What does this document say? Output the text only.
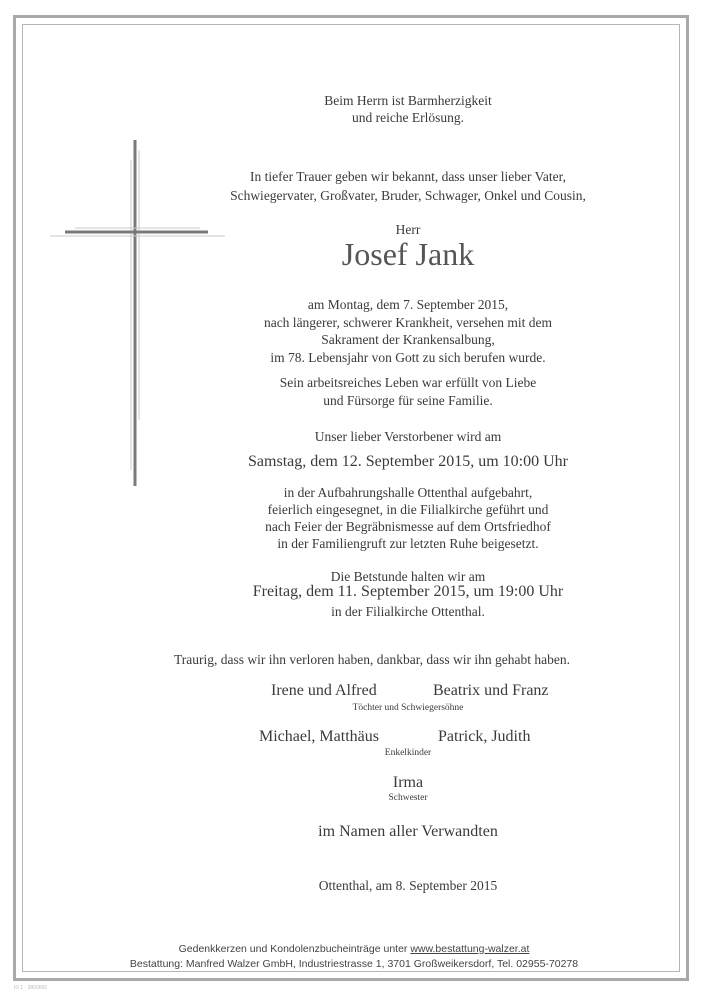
Beim Herrn ist Barmherzigkeit
und reiche Erlösung.
In tiefer Trauer geben wir bekannt, dass unser lieber Vater,
Schwiegervater, Großvater, Bruder, Schwager, Onkel und Cousin,
Herr
Josef Jank
am Montag, dem 7. September 2015,
nach längerer, schwerer Krankheit, versehen mit dem
Sakrament der Krankensalbung,
im 78. Lebensjahr von Gott zu sich berufen wurde.
Sein arbeitsreiches Leben war erfüllt von Liebe
und Fürsorge für seine Familie.
Unser lieber Verstorbener wird am
Samstag, dem 12. September 2015, um 10:00 Uhr
in der Aufbahrungshalle Ottenthal aufgebahrt,
feierlich eingesegnet, in die Filialkirche geführt und
nach Feier der Begräbnismesse auf dem Ortsfriedhof
in der Familiengruft zur letzten Ruhe beigesetzt.
Die Betstunde halten wir am
Freitag, dem 11. September 2015, um 19:00 Uhr
in der Filialkirche Ottenthal.
Traurig, dass wir ihn verloren haben, dankbar, dass wir ihn gehabt haben.
Irene und Alfred	Beatrix und Franz
Töchter und Schwiegersöhne
Michael, Matthäus	Patrick, Judith
Enkelkinder
Irma
Schwester
im Namen aller Verwandten
Ottenthal, am 8. September 2015
Gedenkkerzen und Kondolenzbucheinträge unter www.bestattung-walzer.at
Bestattung: Manfred Walzer GmbH, Industriestrasse 1, 3701 Großweikersdorf, Tel. 02955-70278
ID 1 - 3800555
